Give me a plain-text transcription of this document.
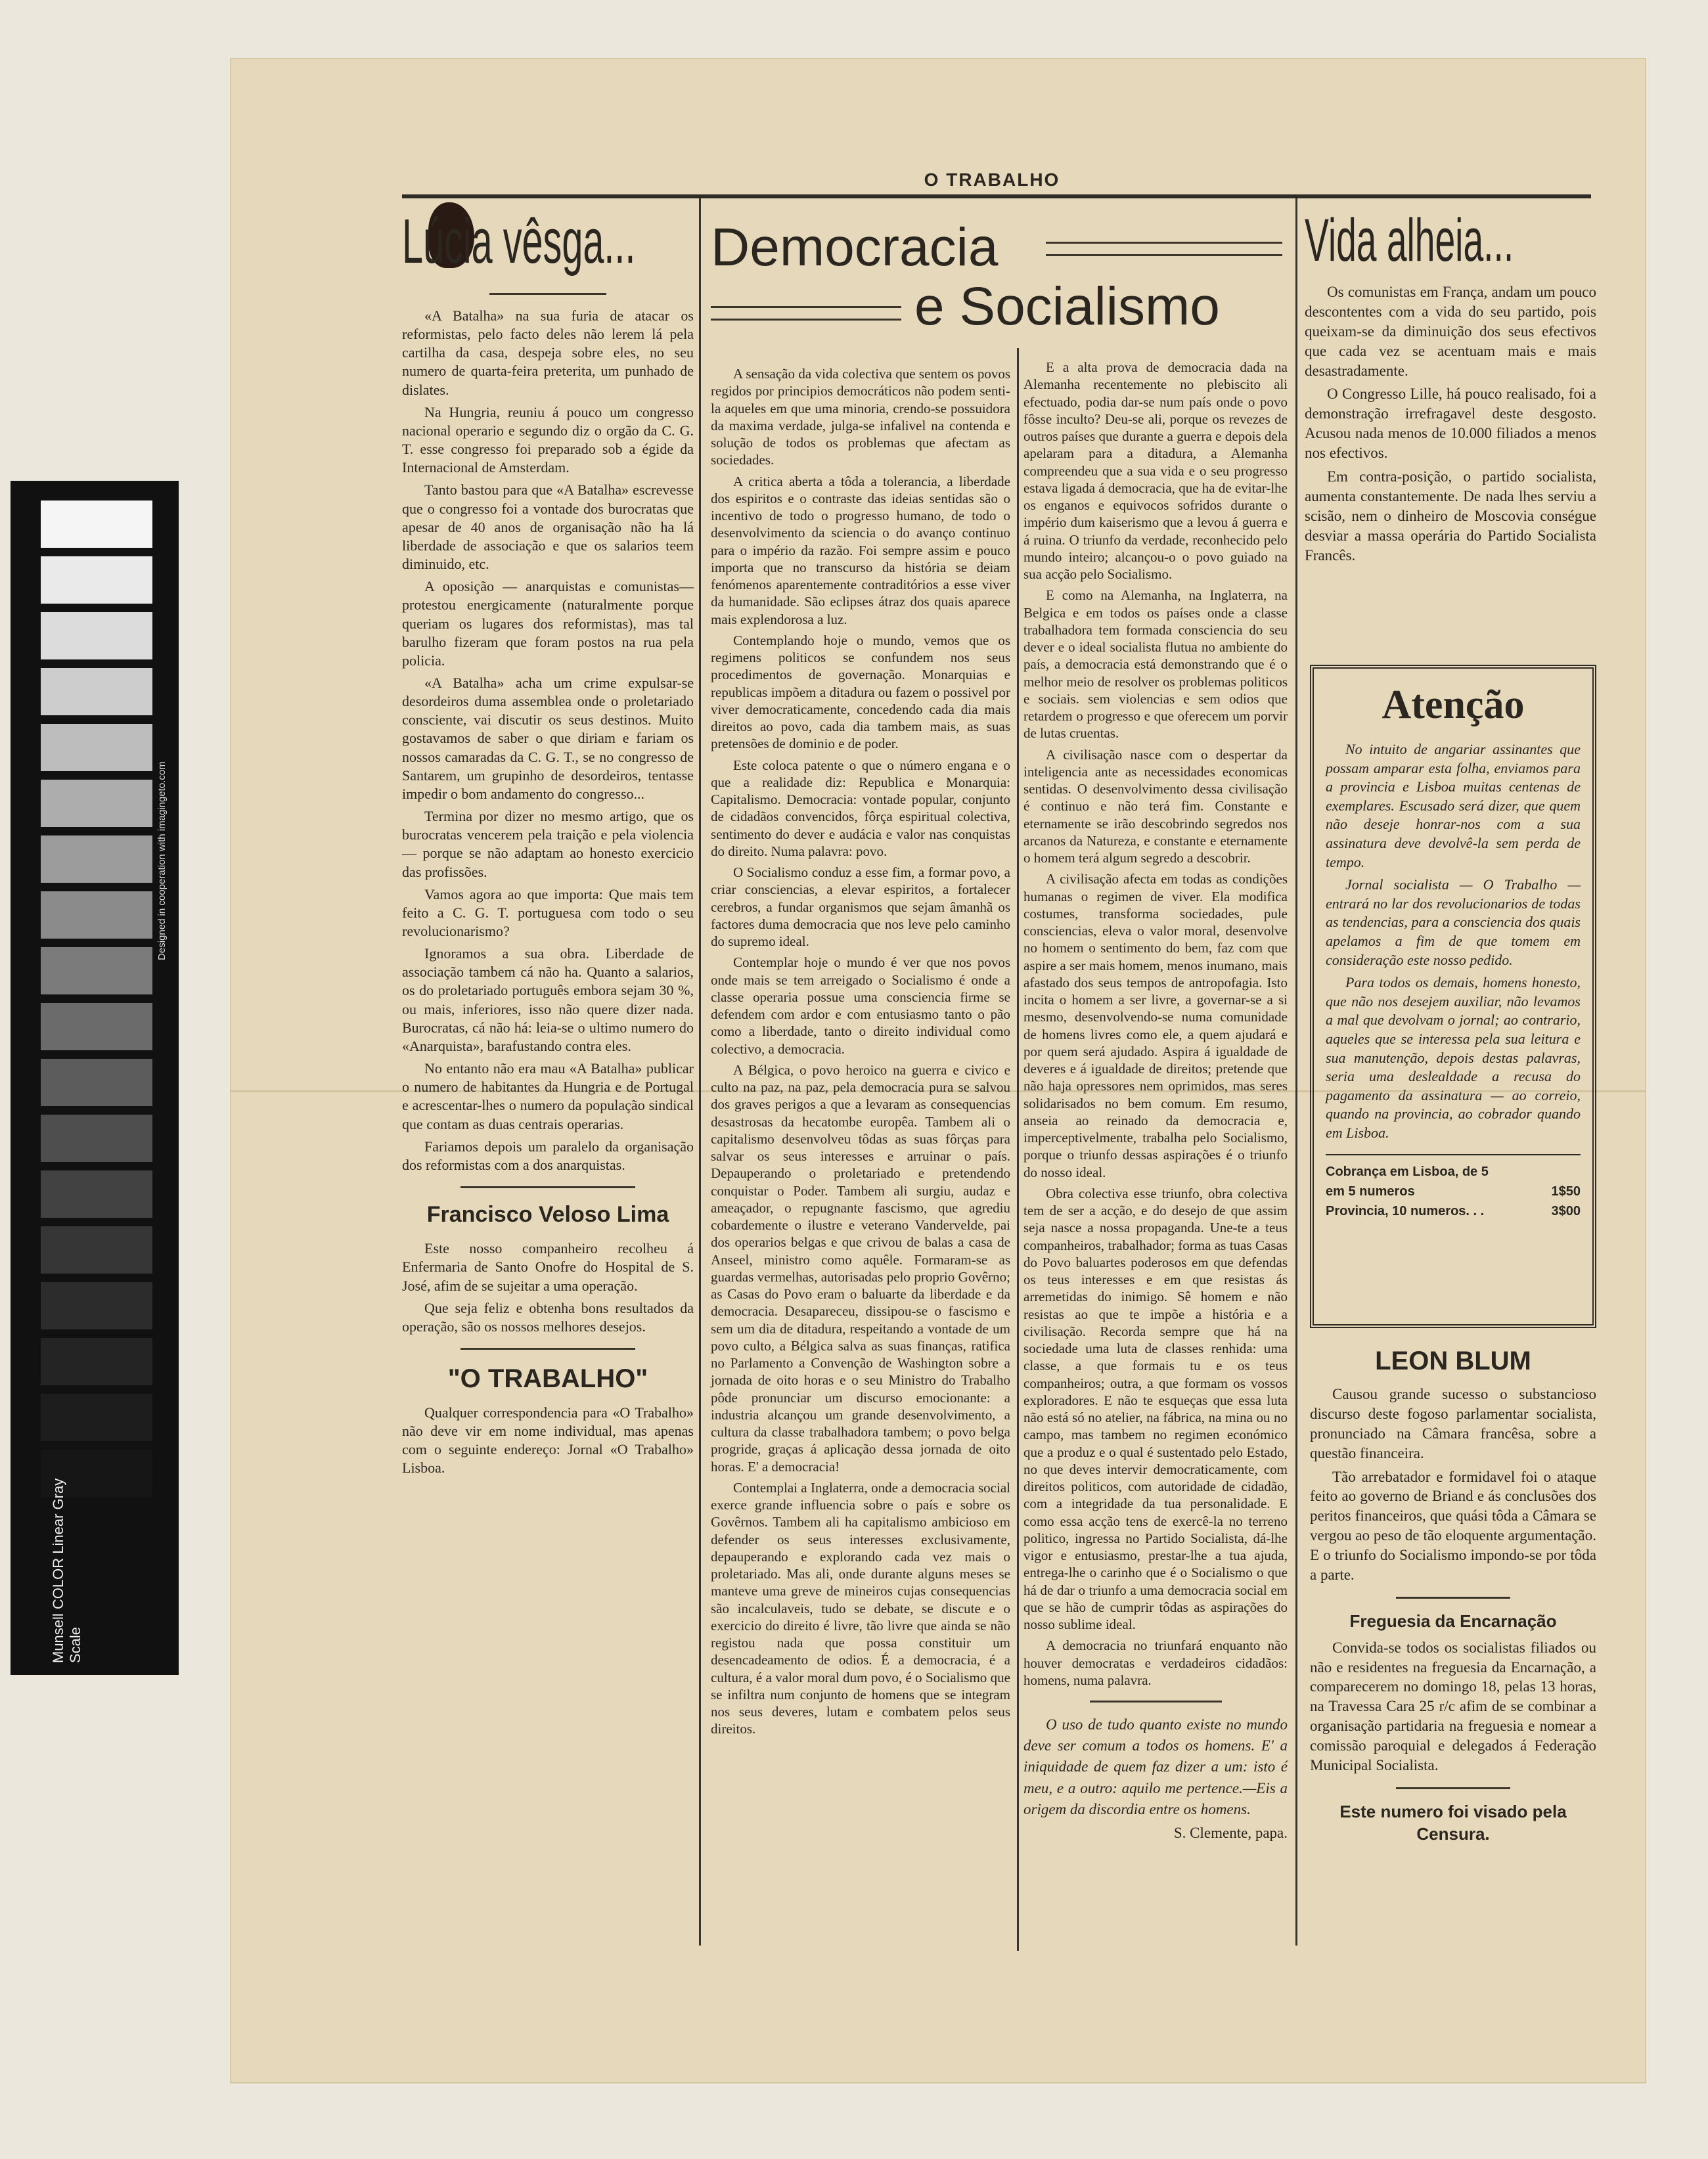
Designed in cooperation with imagingeto.com
Munsell COLOR Linear Gray Scale
O TRABALHO
Lúcia vêsga...

«A Batalha» na sua furia de atacar os reformistas, pelo facto deles não lerem lá pela cartilha da casa, despeja sobre eles, no seu numero de quarta-feira preterita, um punhado de dislates.

Na Hungria, reuniu á pouco um congresso nacional operario e segundo diz o orgão da C. G. T. esse congresso foi preparado sob a égide da Internacional de Amsterdam.

Tanto bastou para que «A Batalha» escrevesse que o congresso foi a vontade dos burocratas que apesar de 40 anos de organisação não ha lá liberdade de associação e que os salarios teem diminuido, etc.

A oposição — anarquistas e comunistas—protestou energicamente (naturalmente porque queriam os lugares dos reformistas), mas tal barulho fizeram que foram postos na rua pela policia.

«A Batalha» acha um crime expulsar-se desordeiros duma assemblea onde o proletariado consciente, vai discutir os seus destinos. Muito gostavamos de saber o que diriam e fariam os nossos camaradas da C. G. T., se no congresso de Santarem, um grupinho de desordeiros, tentasse impedir o bom andamento do congresso...

Termina por dizer no mesmo artigo, que os burocratas vencerem pela traição e pela violencia — porque se não adaptam ao honesto exercicio das profissões.

Vamos agora ao que importa: Que mais tem feito a C. G. T. portuguesa com todo o seu revolucionarismo?

Ignoramos a sua obra. Liberdade de associação tambem cá não ha. Quanto a salarios, os do proletariado português embora sejam 30 %, ou mais, inferiores, isso não quere dizer nada. Burocratas, cá não há: leia-se o ultimo numero do «Anarquista», barafustando contra eles.

No entanto não era mau «A Batalha» publicar o numero de habitantes da Hungria e de Portugal e acrescentar-lhes o numero da população sindical que contam as duas centrais operarias.

Fariamos depois um paralelo da organisação dos reformistas com a dos anarquistas.

Francisco Veloso Lima

Este nosso companheiro recolheu á Enfermaria de Santo Onofre do Hospital de S. José, afim de se sujeitar a uma operação.

Que seja feliz e obtenha bons resultados da operação, são os nossos melhores desejos.

"O TRABALHO"

Qualquer correspondencia para «O Trabalho» não deve vir em nome individual, mas apenas com o seguinte endereço: Jornal «O Trabalho» Lisboa.

Democracia
e Socialismo

A sensação da vida colectiva que sentem os povos regidos por principios democráticos não podem senti-la aqueles em que uma minoria, crendo-se possuidora da maxima verdade, julga-se infalivel na contenda e solução de todos os problemas que afectam as sociedades.

A critica aberta a tôda a tolerancia, a liberdade dos espiritos e o contraste das ideias sentidas são o incentivo de todo o progresso humano, de todo o desenvolvimento da sciencia o do avanço continuo para o império da razão. Foi sempre assim e pouco importa que no transcurso da história se deiam fenómenos aparentemente contraditórios a esse viver da humanidade. São eclipses átraz dos quais aparece mais explendorosa a luz.

Contemplando hoje o mundo, vemos que os regimens politicos se confundem nos seus procedimentos de governação. Monarquias e republicas impõem a ditadura ou fazem o possivel por viver democraticamente, concedendo cada dia mais direitos ao povo, cada dia tambem mais, as suas pretensões de dominio e de poder.

Este coloca patente o que o número engana e o que a realidade diz: Republica e Monarquia: Capitalismo. Democracia: vontade popular, conjunto de cidadãos convencidos, fôrça espiritual colectiva, sentimento do dever e audácia e valor nas conquistas do direito. Numa palavra: povo.

O Socialismo conduz a esse fim, a formar povo, a criar consciencias, a elevar espiritos, a fortalecer cerebros, a fundar organismos que sejam âmanhã os factores duma democracia que nos leve pelo caminho do supremo ideal.

Contemplar hoje o mundo é ver que nos povos onde mais se tem arreigado o Socialismo é onde a classe operaria possue uma consciencia firme se defendem com ardor e com entusiasmo tanto o pão como a liberdade, tanto o direito individual como colectivo, a democracia.

A Bélgica, o povo heroico na guerra e civico e culto na paz, na paz, pela democracia pura se salvou dos graves perigos a que a levaram as consequencias desastrosas da hecatombe europêa. Tambem ali o capitalismo desenvolveu tôdas as suas fôrças para salvar os seus interesses e arruinar o país. Depauperando o proletariado e pretendendo conquistar o Poder. Tambem ali surgiu, audaz e ameaçador, o repugnante fascismo, que agrediu cobardemente o ilustre e veterano Vandervelde, pai dos operarios belgas e que crivou de balas a casa de Anseel, ministro como aquêle. Formaram-se as guardas vermelhas, autorisadas pelo proprio Govêrno; as Casas do Povo eram o baluarte da liberdade e da democracia. Desapareceu, dissipou-se o fascismo e sem um dia de ditadura, respeitando a vontade de um povo culto, a Bélgica salva as suas finanças, ratifica no Parlamento a Convenção de Washington sobre a jornada de oito horas e o seu Ministro do Trabalho pôde pronunciar um discurso emocionante: a industria alcançou um grande desenvolvimento, a cultura da classe trabalhadora tambem; o povo belga progride, graças á aplicação dessa jornada de oito horas. E' a democracia!

Contemplai a Inglaterra, onde a democracia social exerce grande influencia sobre o país e sobre os Govêrnos. Tambem ali ha capitalismo ambicioso em defender os seus interesses exclusivamente, depauperando e explorando cada vez mais o proletariado. Mas ali, onde durante alguns meses se manteve uma greve de mineiros cujas consequencias são incalculaveis, tudo se debate, se discute e o exercicio do direito é livre, tão livre que ainda se não registou nada que possa constituir um desencadeamento de odios. É a democracia, é a cultura, é a valor moral dum povo, é o Socialismo que se infiltra num conjunto de homens que se integram nos seus deveres, lutam e combatem pelos seus direitos.

E a alta prova de democracia dada na Alemanha recentemente no plebiscito ali efectuado, podia dar-se num país onde o povo fôsse inculto? Deu-se ali, porque os revezes de outros países que durante a guerra e depois dela apelaram para a ditadura, a Alemanha compreendeu que a sua vida e o seu progresso estava ligada á democracia, que ha de evitar-lhe os enganos e equivocos sofridos durante o império dum kaiserismo que a levou á guerra e á ruina. O triunfo da verdade, reconhecido pelo mundo inteiro; alcançou-o o povo guiado na sua acção pelo Socialismo.

E como na Alemanha, na Inglaterra, na Belgica e em todos os países onde a classe trabalhadora tem formada consciencia do seu dever e o ideal socialista flutua no ambiente do país, a democracia está demonstrando que é o melhor meio de resolver os problemas politicos e sociais. sem violencias e sem odios que retardem o progresso e que oferecem um porvir de lutas cruentas.

A civilisação nasce com o despertar da inteligencia ante as necessidades economicas sentidas. O desenvolvimento dessa civilisação é continuo e não terá fim. Constante e eternamente se irão descobrindo segredos nos arcanos da Natureza, e constante e eternamente o homem terá algum segredo a descobrir.

A civilisação afecta em todas as condições humanas o regimen de viver. Ela modifica costumes, transforma sociedades, pule consciencias, eleva o valor moral, desenvolve no homem o sentimento do bem, faz com que aspire a ser mais homem, menos inumano, mais afastado dos seus tempos de antropofagia. Isto incita o homem a ser livre, a governar-se a si mesmo, desenvolvendo-se numa comunidade de homens livres como ele, a quem ajudará e por quem será ajudado. Aspira á igualdade de deveres e á igualdade de direitos; pretende que não haja opressores nem oprimidos, mas seres solidarisados no bem comum. Em resumo, anseia ao reinado da democracia e, imperceptivelmente, trabalha pelo Socialismo, porque o triunfo dessas aspirações é o triunfo do nosso ideal.

Obra colectiva esse triunfo, obra colectiva tem de ser a acção, e do desejo de que assim seja nasce a nossa propaganda. Une-te a teus companheiros, trabalhador; forma as tuas Casas do Povo baluartes poderosos em que defendas os teus interesses e em que resistas ás arremetidas do inimigo. Sê homem e não resistas ao que te impõe a história e a civilisação. Recorda sempre que há na sociedade uma luta de classes renhida: uma classe, a que formais tu e os teus companheiros; outra, a que formam os vossos exploradores. E não te esqueças que essa luta não está só no atelier, na fábrica, na mina ou no campo, mas tambem no regimen económico que a produz e o qual é sustentado pelo Estado, no que deves intervir democraticamente, com direitos politicos, com autoridade de cidadão, com a integridade da tua personalidade. E como essa acção tens de exercê-la no terreno politico, ingressa no Partido Socialista, dá-lhe vigor e entusiasmo, prestar-lhe a tua ajuda, entrega-lhe o carinho que é o Socialismo o que há de dar o triunfo a uma democracia social em que se hão de cumprir tôdas as aspirações do nosso sublime ideal.

A democracia no triunfará enquanto não houver democratas e verdadeiros cidadãos: homens, numa palavra.

O uso de tudo quanto existe no mundo deve ser comum a todos os homens. E' a iniquidade de quem faz dizer a um: isto é meu, e a outro: aquilo me pertence.—Eis a origem da discordia entre os homens.

S. Clemente, papa.

Vida alheia...

Os comunistas em França, andam um pouco descontentes com a vida do seu partido, pois queixam-se da diminuição dos seus efectivos que cada vez se acentuam mais e mais desastradamente.

O Congresso Lille, há pouco realisado, foi a demonstração irrefragavel deste desgosto. Acusou nada menos de 10.000 filiados a menos nos efectivos.

Em contra-posição, o partido socialista, aumenta constantemente. De nada lhes serviu a scisão, nem o dinheiro de Moscovia conségue desviar a massa operária do Partido Socialista Francês.

Atenção

No intuito de angariar assinantes que possam amparar esta folha, enviamos para a provincia e Lisboa muitas centenas de exemplares. Escusado será dizer, que quem não deseje honrar-nos com a sua assinatura deve devolvê-la sem perda de tempo.

Jornal socialista — O Trabalho — entrará no lar dos revolucionarios de todas as tendencias, para a consciencia dos quais apelamos a fim de que tomem em consideração este nosso pedido.

Para todos os demais, homens honesto, que não nos desejem auxiliar, não levamos a mal que devolvam o jornal; ao contrario, aqueles que se interessa pela sua leitura e sua manutenção, depois destas palavras, seria uma deslealdade a recusa do pagamento da assinatura — ao correio, quando na provincia, ao cobrador quando em Lisboa.

Cobrança em Lisboa, de 5
em 5 numeros	1$50
Provincia, 10 numeros. . .	3$00
LEON BLUM

Causou grande sucesso o substancioso discurso deste fogoso parlamentar socialista, pronunciado na Câmara francêsa, sobre a questão financeira.

Tão arrebatador e formidavel foi o ataque feito ao governo de Briand e ás conclusões dos peritos financeiros, que quási tôda a Câmara se vergou ao peso de tão eloquente argumentação. E o triunfo do Socialismo impondo-se por tôda a parte.

Freguesia da Encarnação

Convida-se todos os socialistas filiados ou não e residentes na freguesia da Encarnação, a comparecerem no domingo 18, pelas 13 horas, na Travessa Cara 25 r/c afim de se combinar a organisação partidaria na freguesia e nomear a comissão paroquial e delegados á Federação Municipal Socialista.

Este numero foi visado pela Censura.
